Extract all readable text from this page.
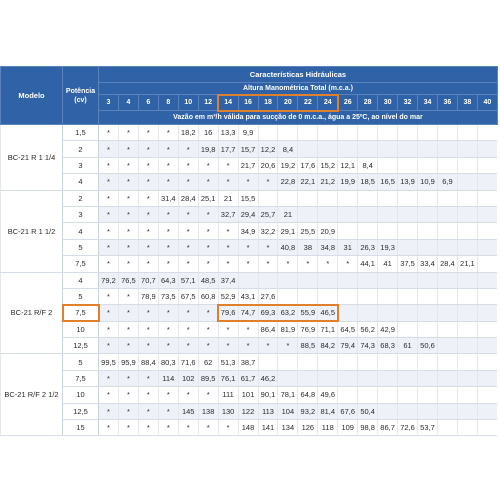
Modelo	Potência (cv)	Características Hidráulicas																			
		Altura Manométrica Total (m.c.a.)																			
		3	4	6	8	10	12	14	16	18	20	22	24	26	28	30	32	34	36	38	40
		Vazão em m³/h válida para sucção de 0 m.c.a., água a 25ºC, ao nível do mar																			
BC-21 R 1 1/4	1,5	*	*	*	*	18,2	16	13,3	9,9												
	2	*	*	*	*	*	19,8	17,7	15,7	12,2	8,4										
	3	*	*	*	*	*	*	*	21,7	20,6	19,2	17,6	15,2	12,1	8,4						
	4	*	*	*	*	*	*	*	*	*	22,8	22,1	21,2	19,9	18,5	16,5	13,9	10,9	6,9		
BC-21 R 1 1/2	2	*	*	*	31,4	28,4	25,1	21	15,5												
	3	*	*	*	*	*	*	32,7	29,4	25,7	21										
	4	*	*	*	*	*	*	*	34,9	32,2	29,1	25,5	20,9								
	5	*	*	*	*	*	*	*	*	*	40,8	38	34,8	31	26,3	19,3					
	7,5	*	*	*	*	*	*	*	*	*	*	*	*	*	44,1	41	37,5	33,4	28,4	21,1	
BC-21 R/F 2	4	79,2	76,5	70,7	64,3	57,1	48,5	37,4													
	5	*	*	78,9	73,5	67,5	60,8	52,9	43,1	27,6											
	7,5	*	*	*	*	*	*	79,6	74,7	69,3	63,2	55,9	46,5								
	10	*	*	*	*	*	*	*	*	86,4	81,9	76,9	71,1	64,5	56,2	42,9					
	12,5	*	*	*	*	*	*	*	*	*	*	88,5	84,2	79,4	74,3	68,3	61	50,6			
BC-21 R/F 2 1/2	5	99,5	95,9	88,4	80,3	71,6	62	51,3	38,7												
	7,5	*	*	*	114	102	89,5	76,1	61,7	46,2											
	10	*	*	*	*	*	*	111	101	90,1	78,1	64,8	49,6								
	12,5	*	*	*	*	145	138	130	122	113	104	93,2	81,4	67,6	50,4						
	15	*	*	*	*	*	*	*	148	141	134	126	118	109	98,8	86,7	72,6	53,7			
